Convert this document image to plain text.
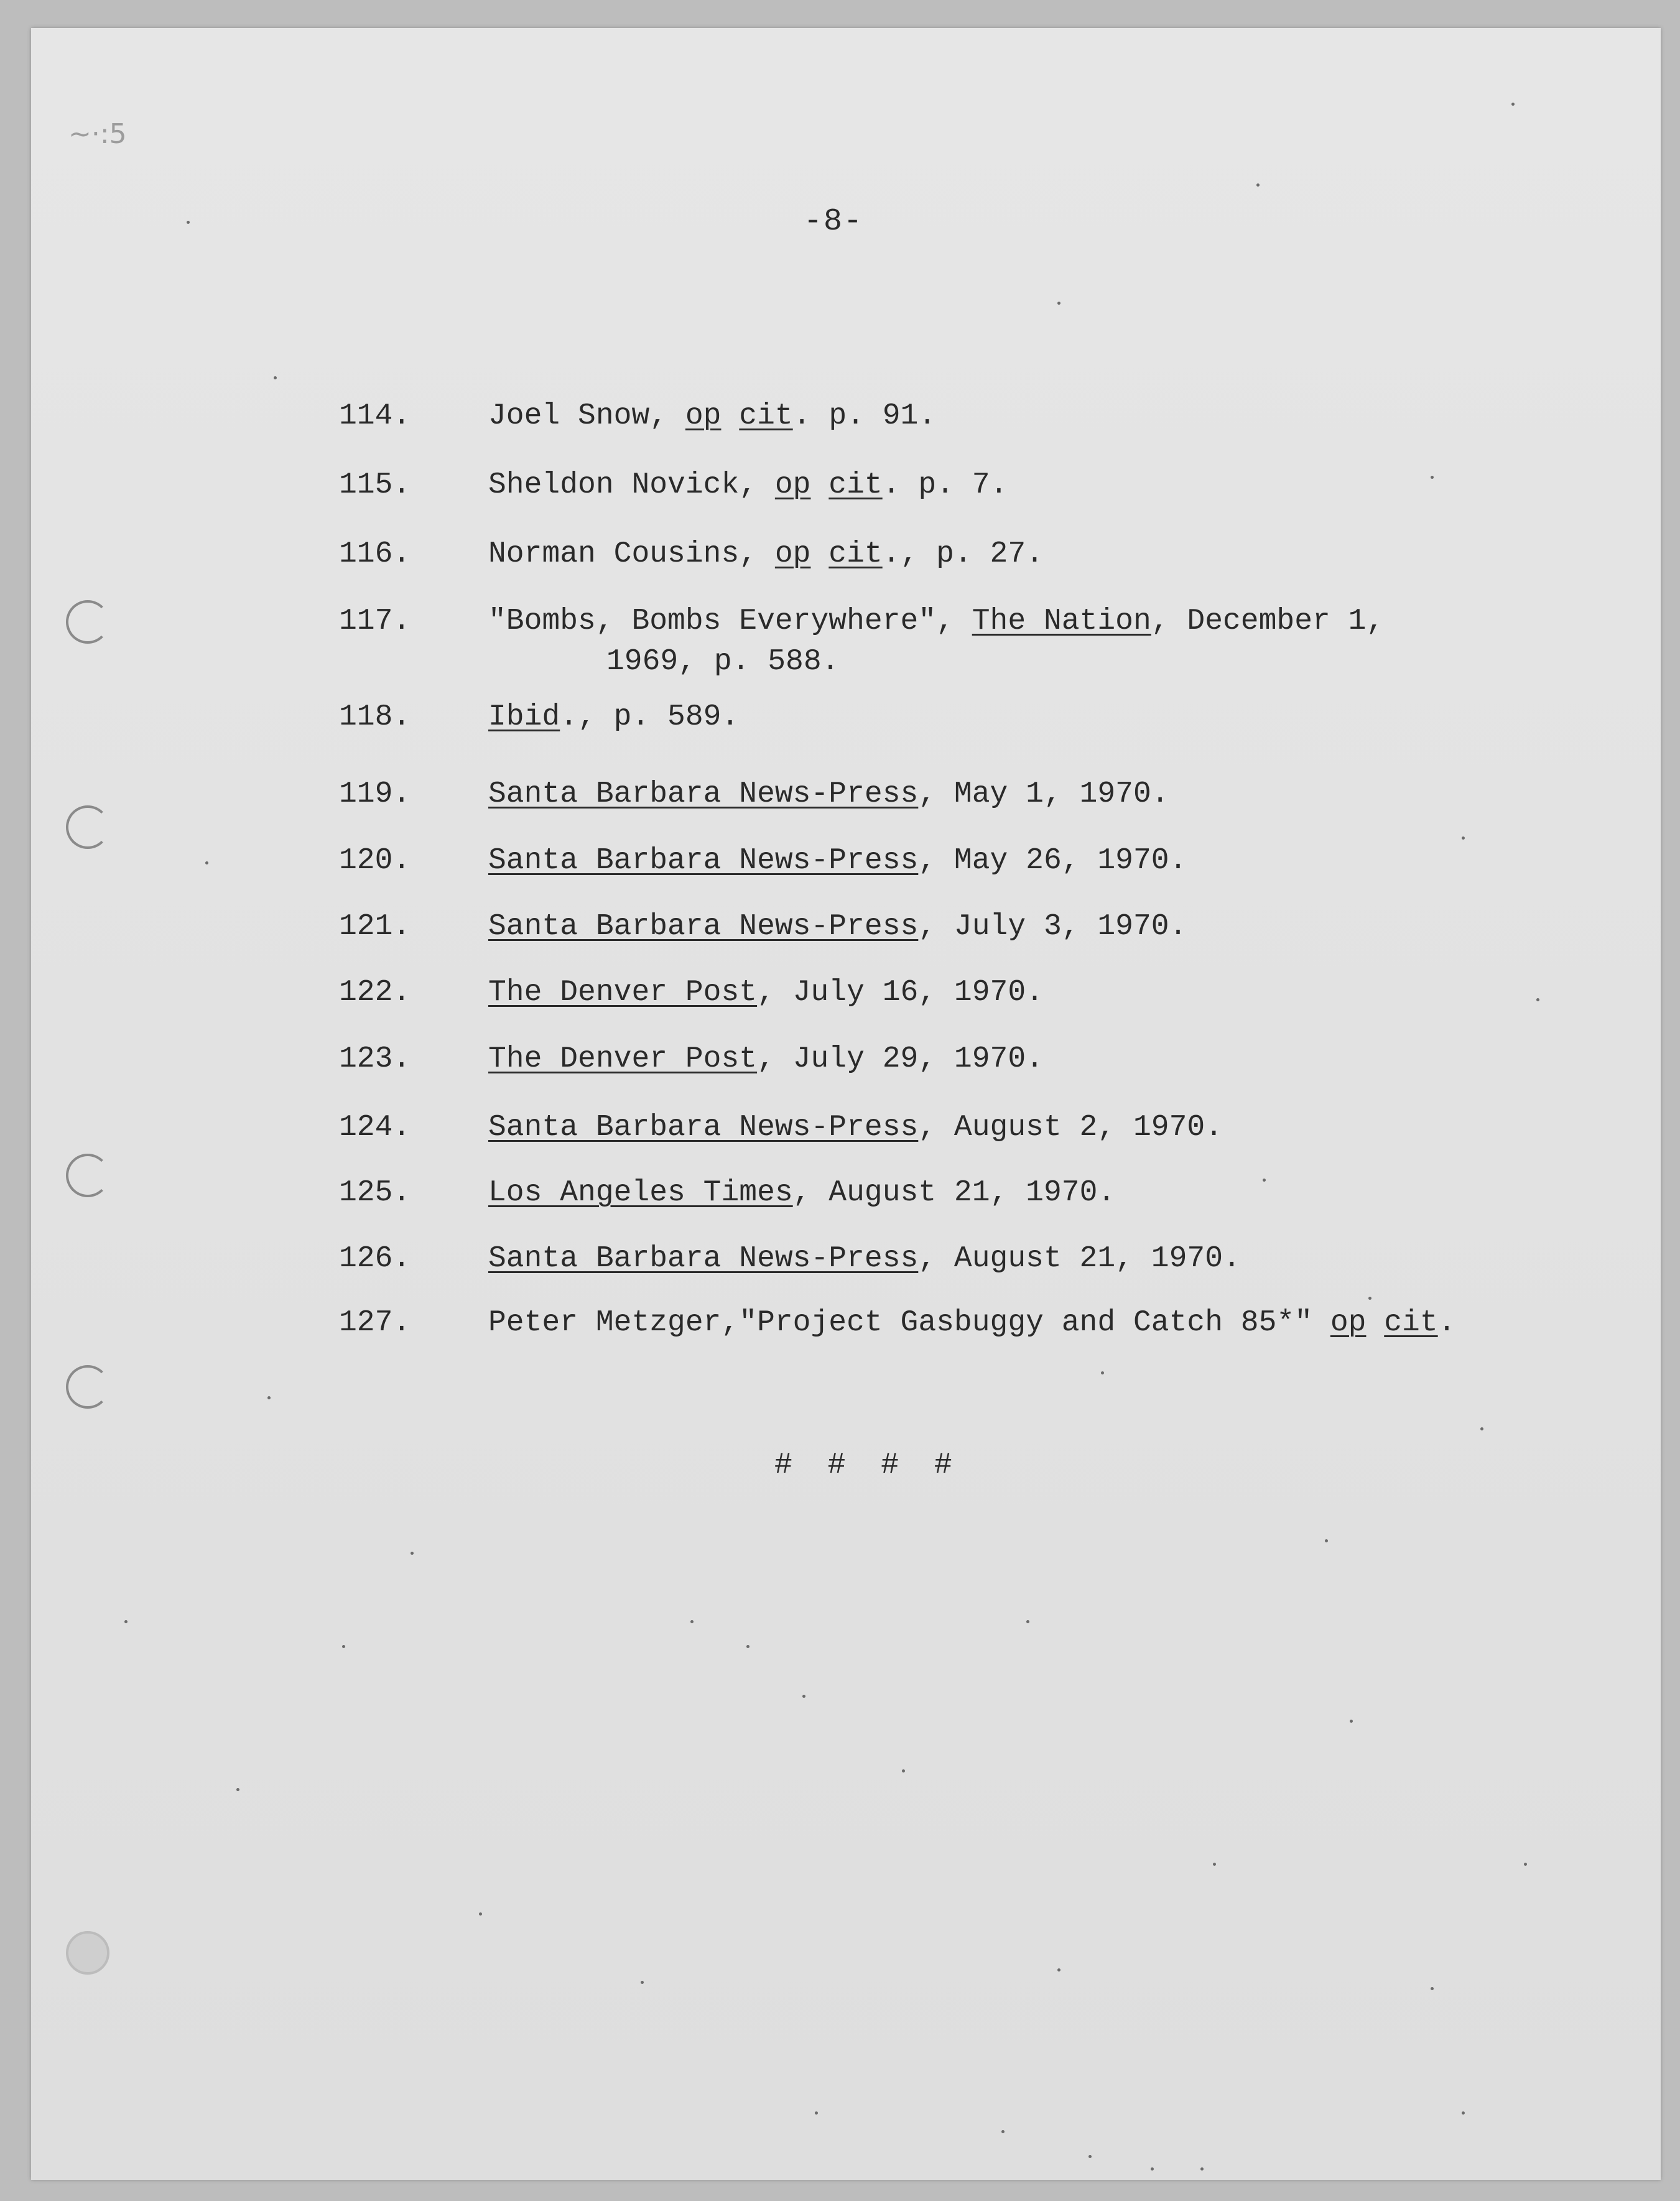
~·:5
-8-
114.	Joel Snow, op cit. p. 91.
115.	Sheldon Novick, op cit. p. 7.
116.	Norman Cousins, op cit., p. 27.
117.	"Bombs, Bombs Everywhere", The Nation, December 1,
1969, p. 588.
118.	Ibid., p. 589.
119.	Santa Barbara News-Press, May 1, 1970.
120.	Santa Barbara News-Press, May 26, 1970.
121.	Santa Barbara News-Press, July 3, 1970.
122.	The Denver Post, July 16, 1970.
123.	The Denver Post, July 29, 1970.
124.	Santa Barbara News-Press, August 2, 1970.
125.	Los Angeles Times, August 21, 1970.
126.	Santa Barbara News-Press, August 21, 1970.
127.	Peter Metzger,"Project Gasbuggy and Catch 85*" op cit.
# # # #
